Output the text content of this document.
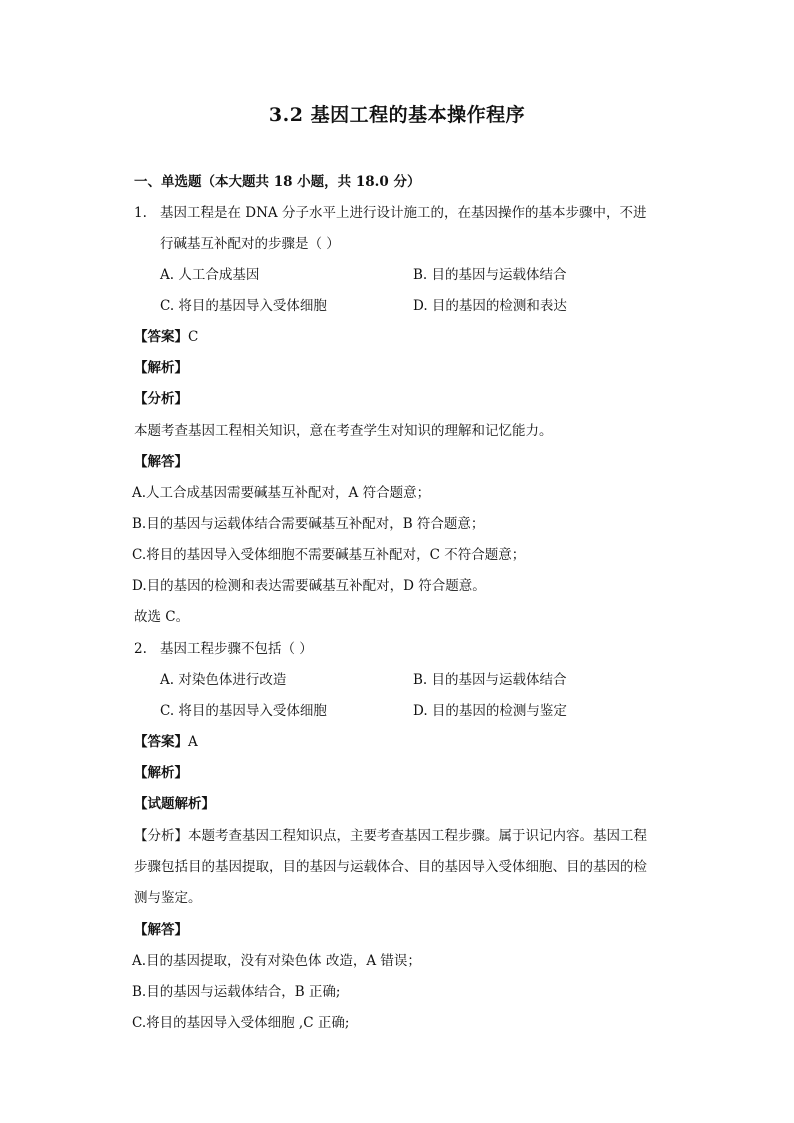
3.2 基因工程的基本操作程序
一、单选题（本大题共 18 小题，共 18.0 分）
1. 基因工程是在 DNA 分子水平上进行设计施工的，在基因操作的基本步骤中，不进
行碱基互补配对的步骤是（ ）
A. 人工合成基因	B. 目的基因与运载体结合
C. 将目的基因导入受体细胞	D. 目的基因的检测和表达
【答案】C
【解析】
【分析】
本题考查基因工程相关知识，意在考查学生对知识的理解和记忆能力。
【解答】
A.人工合成基因需要碱基互补配对，A 符合题意；
B.目的基因与运载体结合需要碱基互补配对，B 符合题意；
C.将目的基因导入受体细胞不需要碱基互补配对，C 不符合题意；
D.目的基因的检测和表达需要碱基互补配对，D 符合题意。
故选 C。
2. 基因工程步骤不包括（ ）
A. 对染色体进行改造	B. 目的基因与运载体结合
C. 将目的基因导入受体细胞	D. 目的基因的检测与鉴定
【答案】A
【解析】
【试题解析】
【分析】本题考查基因工程知识点，主要考查基因工程步骤。属于识记内容。基因工程
步骤包括目的基因提取，目的基因与运载体合、目的基因导入受体细胞、目的基因的检
测与鉴定。
【解答】
A.目的基因提取，没有对染色体 改造，A 错误；
B.目的基因与运载体结合，B 正确;
C.将目的基因导入受体细胞 ,C 正确;
